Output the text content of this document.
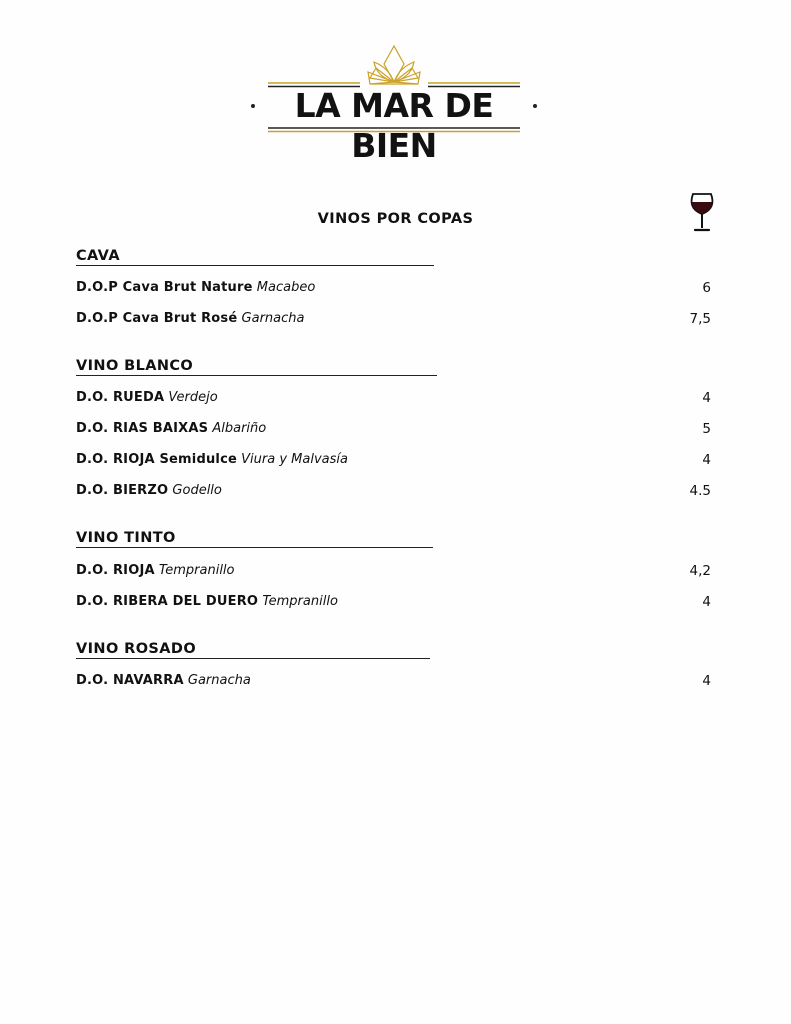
LA MAR DE BIEN
VINOS POR COPAS
CAVA
D.O.P Cava Brut Nature Macabeo	6
D.O.P Cava Brut Rosé Garnacha	7,5
VINO BLANCO
D.O. RUEDA Verdejo	4
D.O. RIAS BAIXAS Albariño	5
D.O. RIOJA Semidulce Viura y Malvasía	4
D.O. BIERZO Godello	4.5
VINO TINTO
D.O. RIOJA Tempranillo	4,2
D.O. RIBERA DEL DUERO Tempranillo	4
VINO ROSADO
D.O. NAVARRA Garnacha	4
